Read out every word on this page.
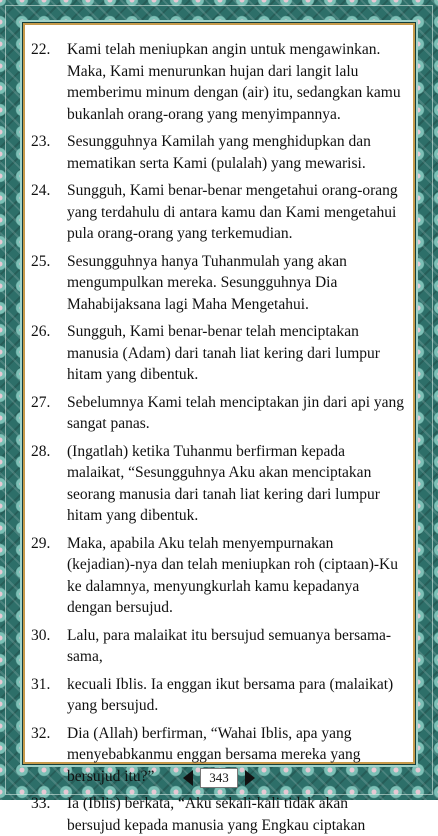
22.	Kami telah meniupkan angin untuk mengawinkan. Maka, Kami menurunkan hujan dari langit lalu memberimu minum dengan (air) itu, sedangkan kamu bukanlah orang-orang yang menyimpannya.
23.	Sesungguhnya Kamilah yang menghidupkan dan mematikan serta Kami (pulalah) yang mewarisi.
24.	Sungguh, Kami benar-benar mengetahui orang-orang yang terdahulu di antara kamu dan Kami mengetahui pula orang-orang yang terkemudian.
25.	Sesungguhnya hanya Tuhanmulah yang akan mengumpulkan mereka. Sesungguhnya Dia Mahabijaksana lagi Maha Mengetahui.
26.	Sungguh, Kami benar-benar telah menciptakan manusia (Adam) dari tanah liat kering dari lumpur hitam yang dibentuk.
27.	Sebelumnya Kami telah menciptakan jin dari api yang sangat panas.
28.	(Ingatlah) ketika Tuhanmu berfirman kepada malaikat, “Sesungguhnya Aku akan menciptakan seorang manusia dari tanah liat kering dari lumpur hitam yang dibentuk.
29.	Maka, apabila Aku telah menyempurnakan (kejadian)-nya dan telah meniupkan roh (ciptaan)-Ku ke dalamnya, menyungkurlah kamu kepadanya dengan bersujud.
30.	Lalu, para malaikat itu bersujud semuanya bersama-sama,
31.	kecuali Iblis. Ia enggan ikut bersama para (malaikat) yang bersujud.
32.	Dia (Allah) berfirman, “Wahai Iblis, apa yang menyebabkanmu enggan bersama mereka yang bersujud itu?”
33.	Ia (Iblis) berkata, “Aku sekali-kali tidak akan bersujud kepada manusia yang Engkau ciptakan
343
